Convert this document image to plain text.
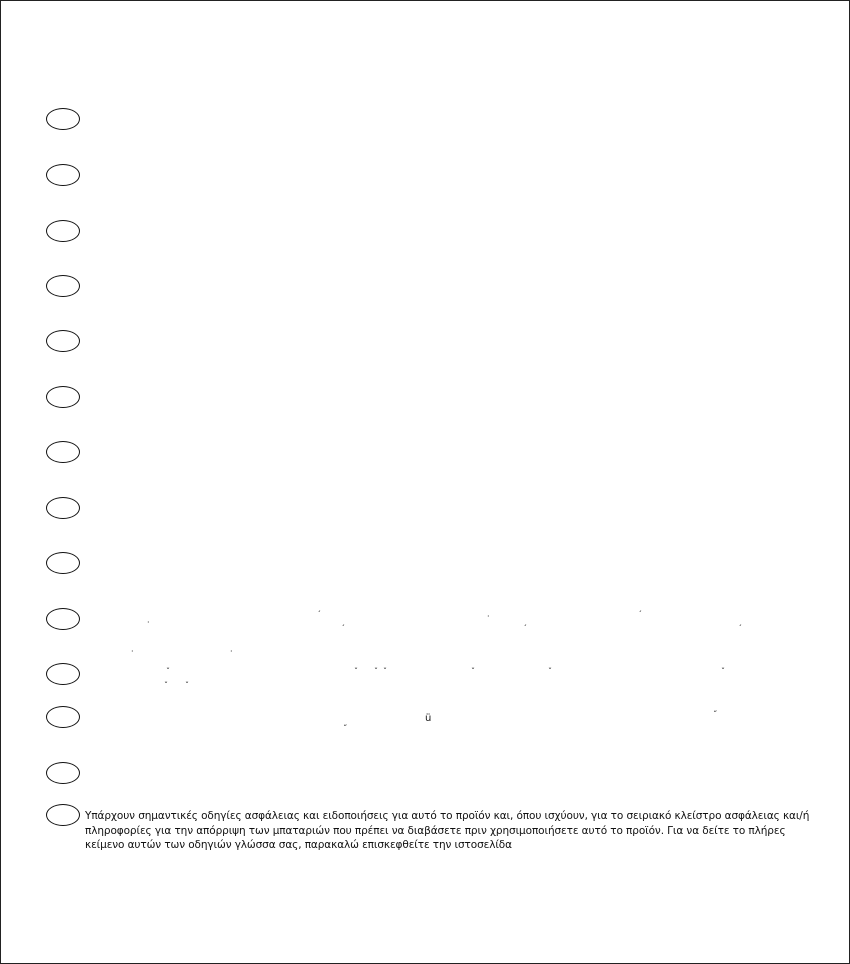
´
´	´
´
´
·
·
·
·
ˇ
ˇ ˇ
ˇ ˇ ˇ	ˇ	ˇ	ˇ
ü
˝
˝
Υπάρχουν σημαντικές οδηγίες ασφάλειας και ειδοποιήσεις για αυτό το προϊόν και, όπου ισχύουν, για το σειριακό κλείστρο ασφάλειας και/ή
πληροφορίες για την απόρριψη των μπαταριών που πρέπει να διαβάσετε πριν χρησιμοποιήσετε αυτό το προϊόν. Για να δείτε το πλήρες
κείμενο αυτών των οδηγιών γλώσσα σας, παρακαλώ επισκεφθείτε την ιστοσελίδα
